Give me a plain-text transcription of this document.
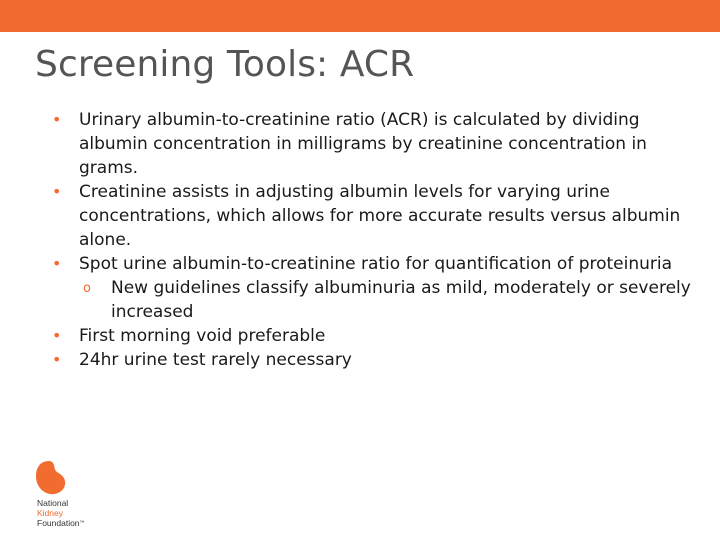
Screening Tools: ACR

• Urinary albumin-to-creatinine ratio (ACR) is calculated by dividing albumin concentration in milligrams by creatinine concentration in grams.

• Creatinine assists in adjusting albumin levels for varying urine concentrations, which allows for more accurate results versus albumin alone.

• Spot urine albumin-to-creatinine ratio for quantification of proteinuria

o New guidelines classify albuminuria as mild, moderately or severely increased

• First morning void preferable

• 24hr urine test rarely necessary

National
Kidney
Foundation™
